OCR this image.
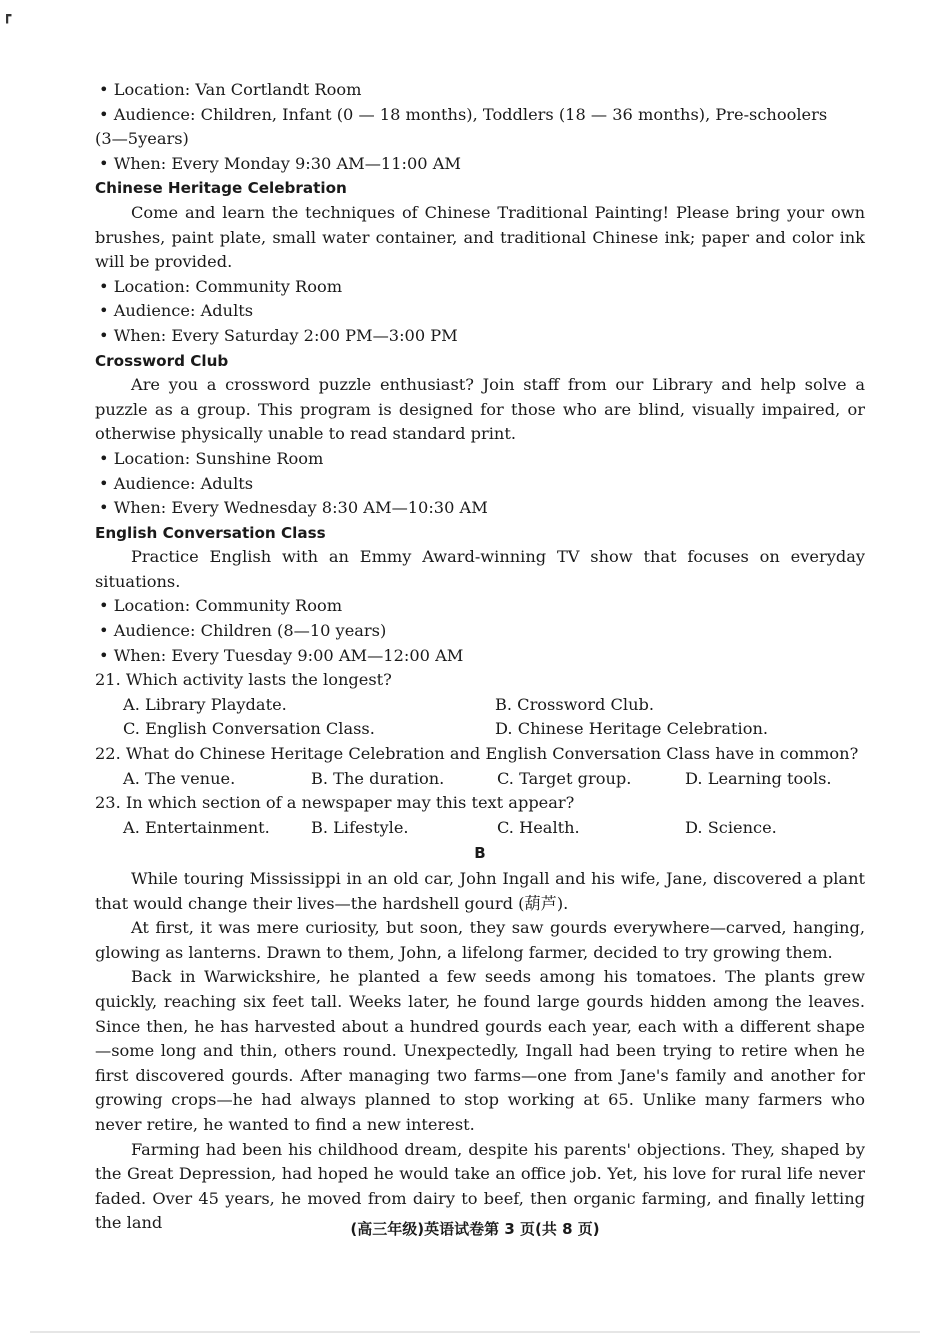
┏
• Location: Van Cortlandt Room
• Audience: Children, Infant (0 — 18 months), Toddlers (18 — 36 months), Pre-schoolers
(3—5years)
• When: Every Monday 9:30 AM—11:00 AM
Chinese Heritage Celebration
Come and learn the techniques of Chinese Traditional Painting! Please bring your own brushes, paint plate, small water container, and traditional Chinese ink; paper and color ink will be provided.
• Location: Community Room
• Audience: Adults
• When: Every Saturday 2:00 PM—3:00 PM
Crossword Club
Are you a crossword puzzle enthusiast? Join staff from our Library and help solve a puzzle as a group. This program is designed for those who are blind, visually impaired, or otherwise physically unable to read standard print.
• Location: Sunshine Room
• Audience: Adults
• When: Every Wednesday 8:30 AM—10:30 AM
English Conversation Class
Practice English with an Emmy Award-winning TV show that focuses on everyday situations.
• Location: Community Room
• Audience: Children (8—10 years)
• When: Every Tuesday 9:00 AM—12:00 AM
21. Which activity lasts the longest?
A. Library Playdate.	B. Crossword Club.
C. English Conversation Class.	D. Chinese Heritage Celebration.
22. What do Chinese Heritage Celebration and English Conversation Class have in common?
A. The venue.	B. The duration.	C. Target group.	D. Learning tools.
23. In which section of a newspaper may this text appear?
A. Entertainment.	B. Lifestyle.	C. Health.	D. Science.
B
While touring Mississippi in an old car, John Ingall and his wife, Jane, discovered a plant that would change their lives—the hardshell gourd (葫芦).
At first, it was mere curiosity, but soon, they saw gourds everywhere—carved, hanging, glowing as lanterns. Drawn to them, John, a lifelong farmer, decided to try growing them.
Back in Warwickshire, he planted a few seeds among his tomatoes. The plants grew quickly, reaching six feet tall. Weeks later, he found large gourds hidden among the leaves. Since then, he has harvested about a hundred gourds each year, each with a different shape—some long and thin, others round. Unexpectedly, Ingall had been trying to retire when he first discovered gourds. After managing two farms—one from Jane's family and another for growing crops—he had always planned to stop working at 65. Unlike many farmers who never retire, he wanted to find a new interest.
Farming had been his childhood dream, despite his parents' objections. They, shaped by the Great Depression, had hoped he would take an office job. Yet, his love for rural life never faded. Over 45 years, he moved from dairy to beef, then organic farming, and finally letting the land	(高三年级)英语试卷第 3 页(共 8 页)
